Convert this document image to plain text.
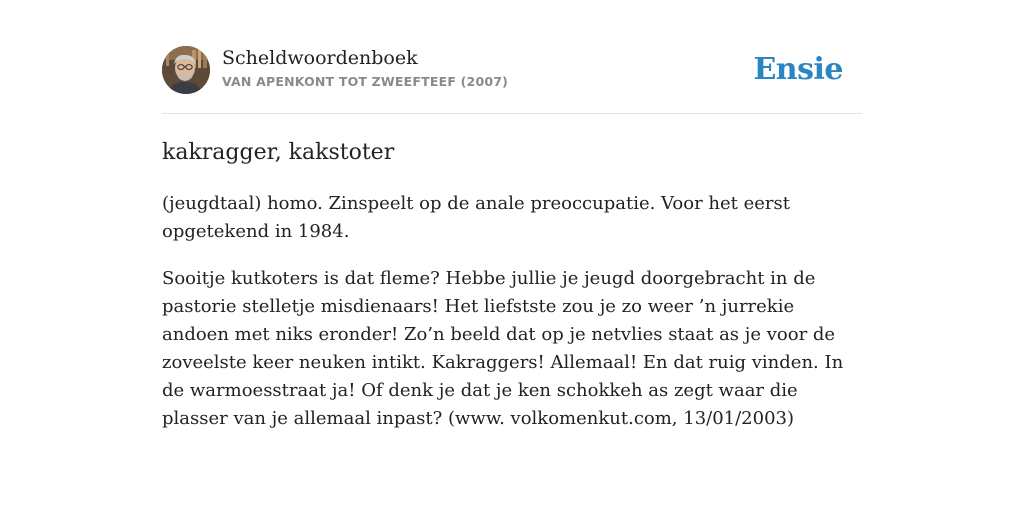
Scheldwoordenboek
VAN APENKONT TOT ZWEEFTEEF (2007)	Ensie
kakragger, kakstoter

(jeugdtaal) homo. Zinspeelt op de anale preoccupatie. Voor het eerst opgetekend in 1984.

Sooitje kutkoters is dat fleme? Hebbe jullie je jeugd doorgebracht in de pastorie stelletje misdienaars! Het liefstste zou je zo weer ’n jurrekie andoen met niks eronder! Zo’n beeld dat op je netvlies staat as je voor de zoveelste keer neuken intikt. Kakraggers! Allemaal! En dat ruig vinden. In de warmoesstraat ja! Of denk je dat je ken schokkeh as zegt waar die plasser van je allemaal inpast? (www. volkomenkut.com, 13/01/2003)
